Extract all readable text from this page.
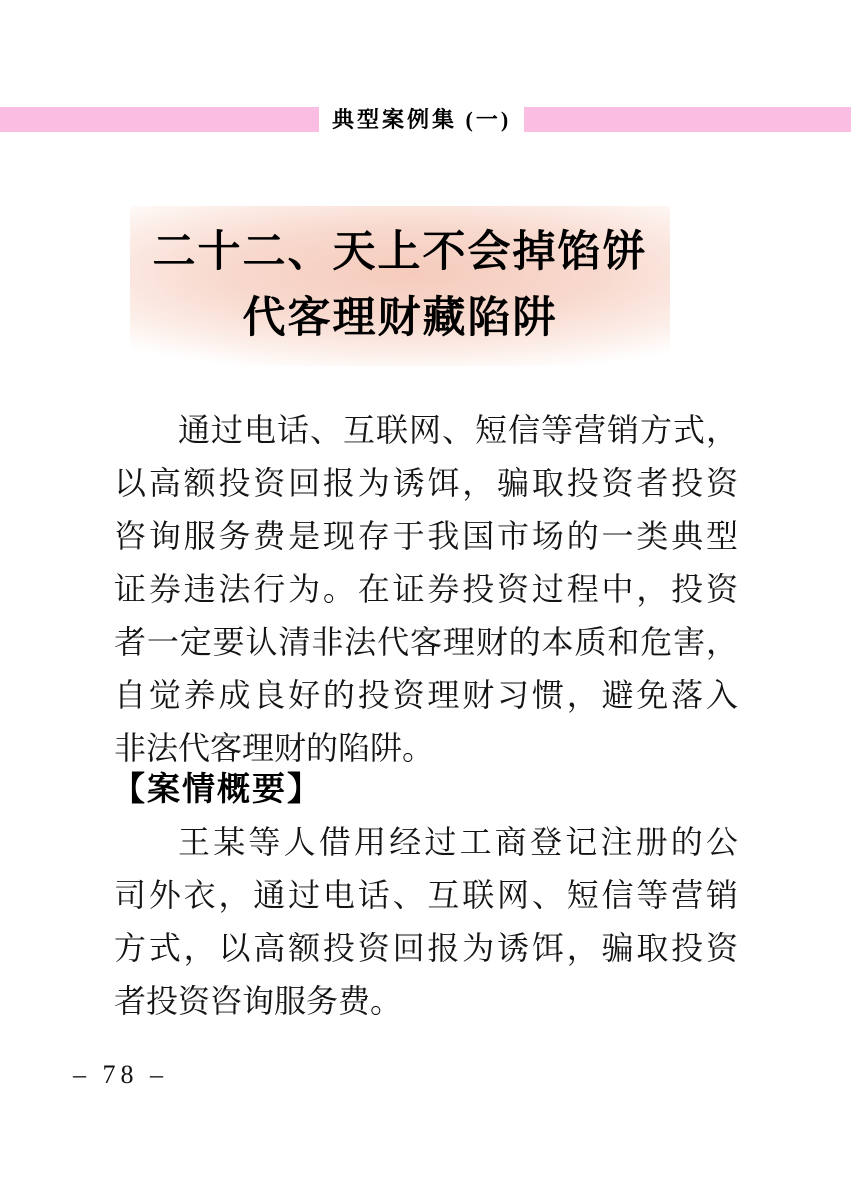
典型案例集 (一)
二十二、天上不会掉馅饼
代客理财藏陷阱
通过电话、互联网、短信等营销方式，
以高额投资回报为诱饵，骗取投资者投资
咨询服务费是现存于我国市场的一类典型
证券违法行为。在证券投资过程中，投资
者一定要认清非法代客理财的本质和危害，
自觉养成良好的投资理财习惯，避免落入
非法代客理财的陷阱。
【案情概要】
王某等人借用经过工商登记注册的公
司外衣，通过电话、互联网、短信等营销
方式，以高额投资回报为诱饵，骗取投资
者投资咨询服务费。
– 78 –
